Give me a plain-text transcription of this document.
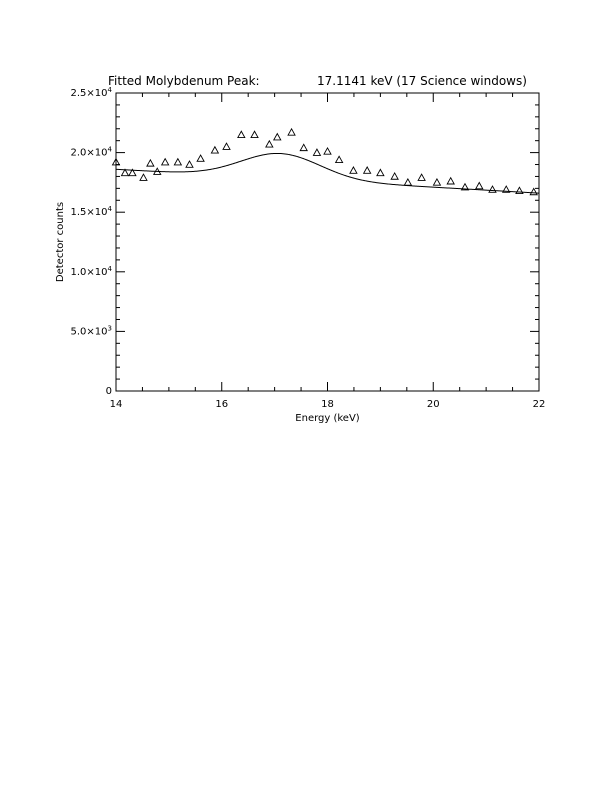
Fitted Molybdenum Peak:	17.1141 keV (17 Science windows)
14	16	18	20	22
0
$5.0\times 10^3$
$1.0\times 10^4$
$1.5\times 10^4$
$2.0\times 10^4$
$2.5\times 10^4$
Energy (keV)
Detector counts
